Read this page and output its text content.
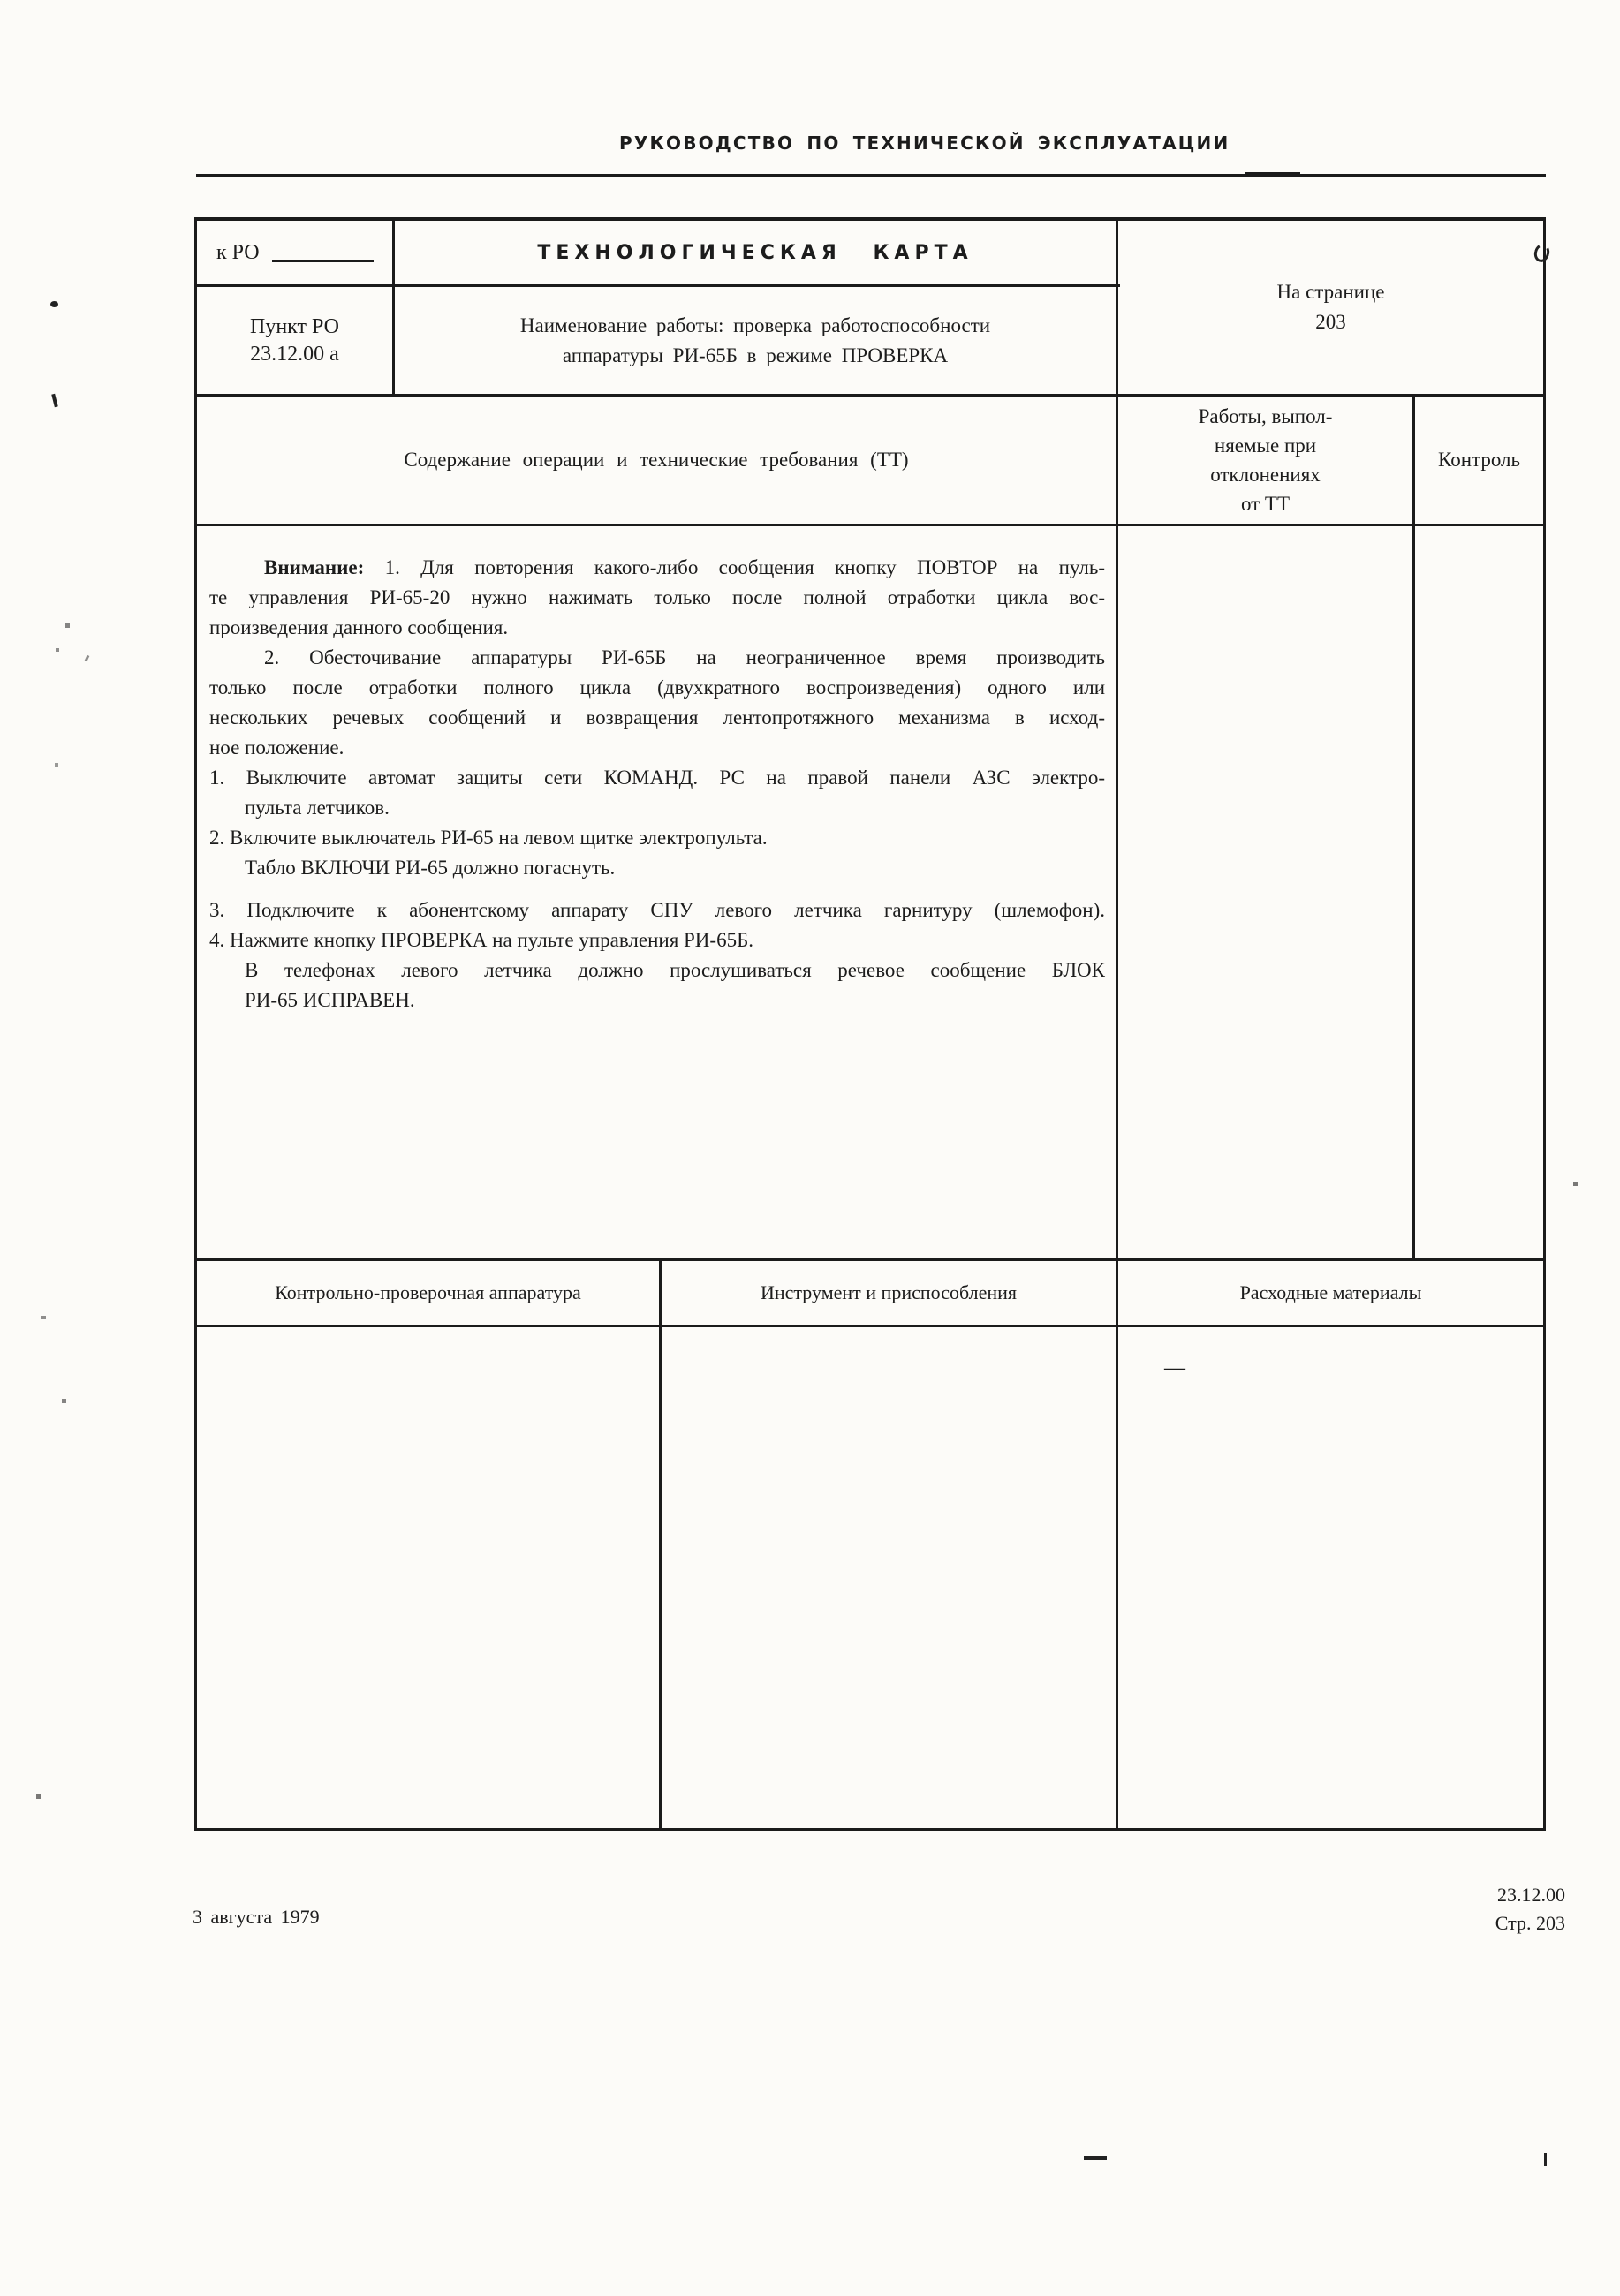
РУКОВОДСТВО ПО ТЕХНИЧЕСКОЙ ЭКСПЛУАТАЦИИ
к РО
Пункт РО
23.12.00 а
ТЕХНОЛОГИЧЕСКАЯ КАРТА
Наименование работы: проверка работоспособности
аппаратуры РИ-65Б в режиме ПРОВЕРКА
На странице
203
Содержание операции и технические требования (ТТ)
Работы, выпол-
няемые при
отклонениях
от ТТ
Контроль
Внимание: 1. Для повторения какого-либо сообщения кнопку ПОВТОР на пуль-
те управления РИ-65-20 нужно нажимать только после полной отработки цикла вос-
произведения данного сообщения.
2. Обесточивание аппаратуры РИ-65Б на неограниченное время производить
только после отработки полного цикла (двухкратного воспроизведения) одного или
нескольких речевых сообщений и возвращения лентопротяжного механизма в исход-
ное положение.
1. Выключите автомат защиты сети КОМАНД. РС на правой панели АЗС электро-
пульта летчиков.
2. Включите выключатель РИ-65 на левом щитке электропульта.
Табло ВКЛЮЧИ РИ-65 должно погаснуть.
3. Подключите к абонентскому аппарату СПУ левого летчика гарнитуру (шлемофон).
4. Нажмите кнопку ПРОВЕРКА на пульте управления РИ-65Б.
В телефонах левого летчика должно прослушиваться речевое сообщение БЛОК
РИ-65 ИСПРАВЕН.
Контрольно-проверочная аппаратура	Инструмент и приспособления	Расходные материалы
—
3 августа 1979
23.12.00
Стр. 203
